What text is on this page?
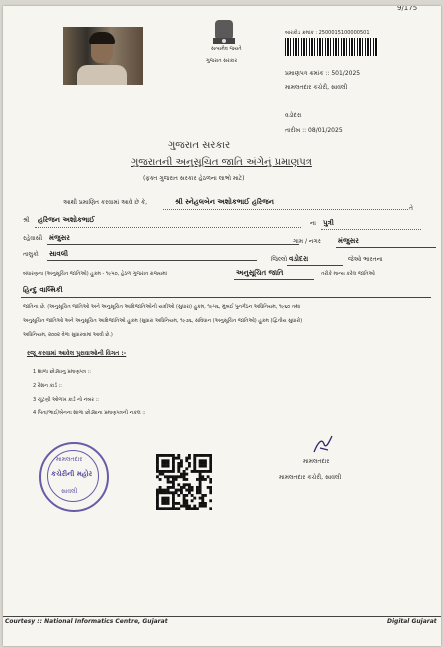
9/175
સત્યમેવ જયતે
ગુજરાત સરકાર
બારકોડ ક્રમાંક : 2500015100000501
પ્રમાણપત્ર ક્રમાંક :: 501/2025
મામલતદાર કચેરી, સાવલી
વડોદરા
તારીખ :: 08/01/2025
ગુજરાત સરકાર
ગુજરાતની અનુસૂચિત જાતિ અંગેનું પ્રમાણપત્ર
(ફક્ત ગુજરાત સરકાર હેઠળના લાભો માટે)
આથી પ્રમાણિત કરવામાં આવે છે કે,	શ્રી સ્નેહલબેન અશોકભાઈ હરિજન
તે
શ્રી હરિજન અશોકભાઈ	ના પુત્રી
રહેવાસી મંજુસર	ગામ / નગર મંજુસર
તાલુકો સાવલી
જિલ્લો વડોદરા	જેઓ ભારતના
બંધારણના (અનુસૂચિત જાતિઓ) હુકમ - ૧૯૫૦, હેઠળ ગુજરાત રાજ્યમાં	અનુસૂચિત જાતિ	તરીકે માન્ય કરેલ જાતિઓ
હિન્દુ વાલ્મિકી
જાતિના છે. (અનુસૂચિત જાતિઓ અને અનુસૂચિત આદિજાતિઓની યાદીઓ (સુધારા) હુકમ, ૧૯૫૬, મુંબઈ પુનર્ગઠન અધિનિયમ, ૧૯૬૦ તથા
અનુસૂચિત જાતિઓ અને અનુસૂચિત આદિજાતિઓ હુકમ (સુધારા અધિનિયમ, ૧૯૭૬, સંવિધાન (અનુસૂચિત જાતિઓ) હુકમ (દ્વિતીય સુધારો)
અધિનિયમ, ૨૦૦૨ વેળા સુધારવામાં આવી છે.)
રજૂ કરવામાં આવેલ પુરાવાઓની વિગત :-
1 શાળા છોડ્યાનુ પ્રમાણપત્ર ::
2 રેશન કાર્ડ ::
3 ચૂંટણી ઓળખ કાર્ડ નો નંબર ::
4 પિતા/ભાઈ/બેનના શાળા છોડ્યાના પ્રમાણપત્રની નકલ ::
મામલતદાર
કચેરીની મહોર
સાવલી
મામલતદાર
મામલતદાર કચેરી, સાવલી
Courtesy :: National Informatics Centre, Gujarat	Digital Gujarat
